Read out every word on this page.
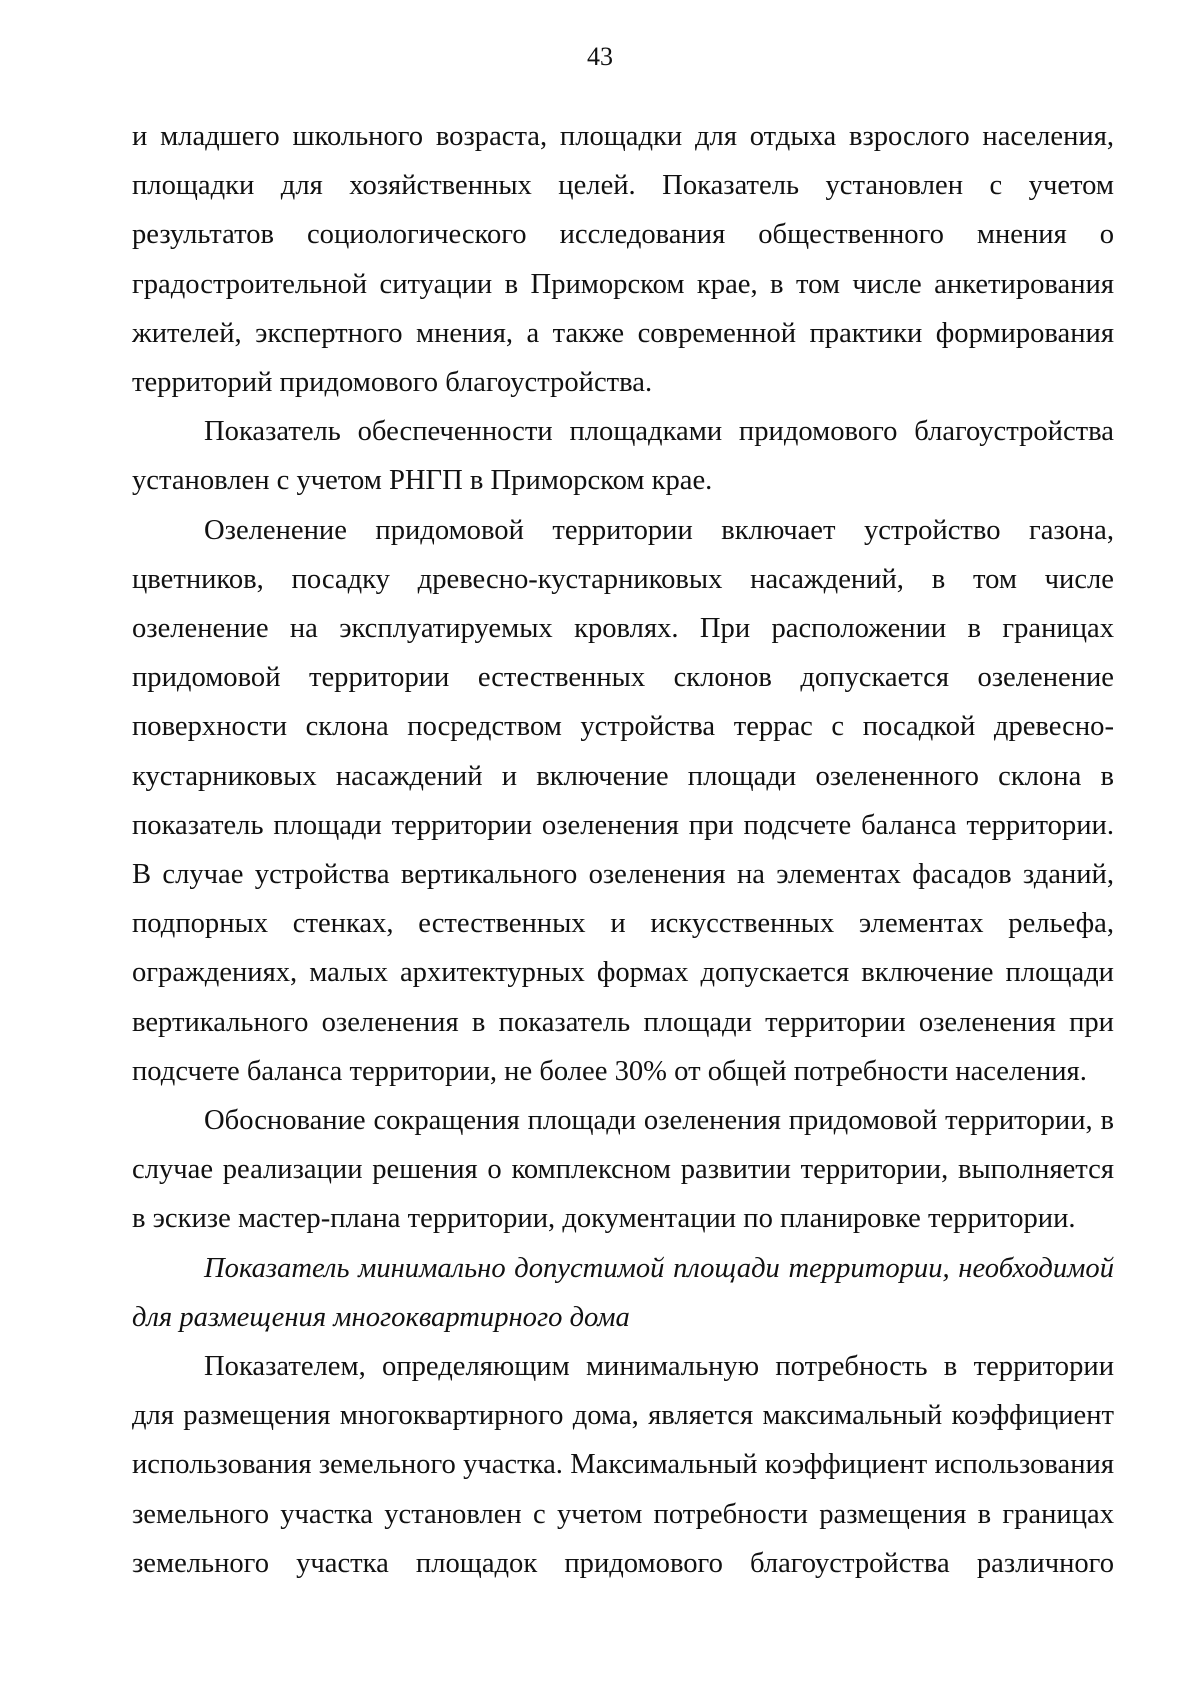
43

и младшего школьного возраста, площадки для отдыха взрослого населения, площадки для хозяйственных целей. Показатель установлен с учетом результатов социологического исследования общественного мнения о градостроительной ситуации в Приморском крае, в том числе анкетирования жителей, экспертного мнения, а также современной практики формирования территорий придомового благоустройства.

Показатель обеспеченности площадками придомового благоустройства установлен с учетом РНГП в Приморском крае.

Озеленение придомовой территории включает устройство газона, цветников, посадку древесно-кустарниковых насаждений, в том числе озеленение на эксплуатируемых кровлях. При расположении в границах придомовой территории естественных склонов допускается озеленение поверхности склона посредством устройства террас с посадкой древесно-кустарниковых насаждений и включение площади озелененного склона в показатель площади территории озеленения при подсчете баланса территории. В случае устройства вертикального озеленения на элементах фасадов зданий, подпорных стенках, естественных и искусственных элементах рельефа, ограждениях, малых архитектурных формах допускается включение площади вертикального озеленения в показатель площади территории озеленения при подсчете баланса территории, не более 30% от общей потребности населения.

Обоснование сокращения площади озеленения придомовой территории, в случае реализации решения о комплексном развитии территории, выполняется в эскизе мастер-плана территории, документации по планировке территории.

Показатель минимально допустимой площади территории, необходимой для размещения многоквартирного дома

Показателем, определяющим минимальную потребность в территории для размещения многоквартирного дома, является максимальный коэффициент использования земельного участка. Максимальный коэффициент использования земельного участка установлен с учетом потребности размещения в границах земельного участка площадок придомового благоустройства различного
